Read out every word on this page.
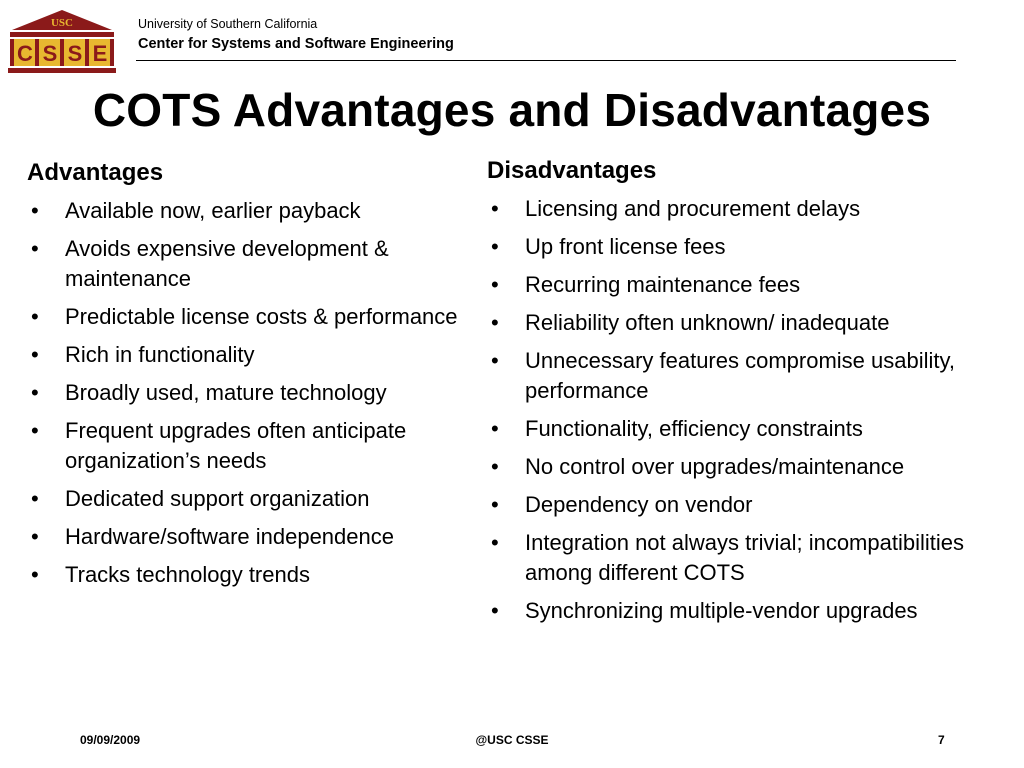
USC
C S S E
University of Southern California
Center for Systems and Software Engineering
COTS Advantages and Disadvantages
Advantages
• Available now, earlier payback
• Avoids expensive development & maintenance
• Predictable license costs & performance
• Rich in functionality
• Broadly used, mature technology
• Frequent upgrades often anticipate organization’s needs
• Dedicated support organization
• Hardware/software independence
• Tracks technology trends
Disadvantages
• Licensing and procurement delays
• Up front license fees
• Recurring maintenance fees
• Reliability often unknown/ inadequate
• Unnecessary features compromise usability, performance
• Functionality, efficiency constraints
• No control over upgrades/maintenance
• Dependency on vendor
• Integration not always trivial; incompatibilities among different COTS
• Synchronizing multiple-vendor upgrades
09/09/2009	@USC CSSE	7
